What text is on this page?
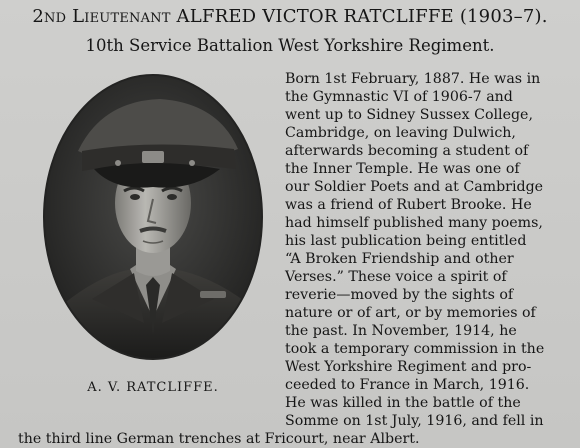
2nd Lieutenant ALFRED VICTOR RATCLIFFE (1903–7).
10th Service Battalion West Yorkshire Regiment.
A. V. RATCLIFFE.
Born 1st February, 1887. He was in
the Gymnastic VI of 1906-7 and
went up to Sidney Sussex College,
Cambridge, on leaving Dulwich,
afterwards becoming a student of
the Inner Temple. He was one of
our Soldier Poets and at Cambridge
was a friend of Rubert Brooke. He
had himself published many poems,
his last publication being entitled
“A Broken Friendship and other
Verses.” These voice a spirit of
reverie—moved by the sights of
nature or of art, or by memories of
the past. In November, 1914, he
took a temporary commission in the
West Yorkshire Regiment and pro-
ceeded to France in March, 1916.
He was killed in the battle of the
Somme on 1st July, 1916, and fell in
the third line German trenches at Fricourt, near Albert.
